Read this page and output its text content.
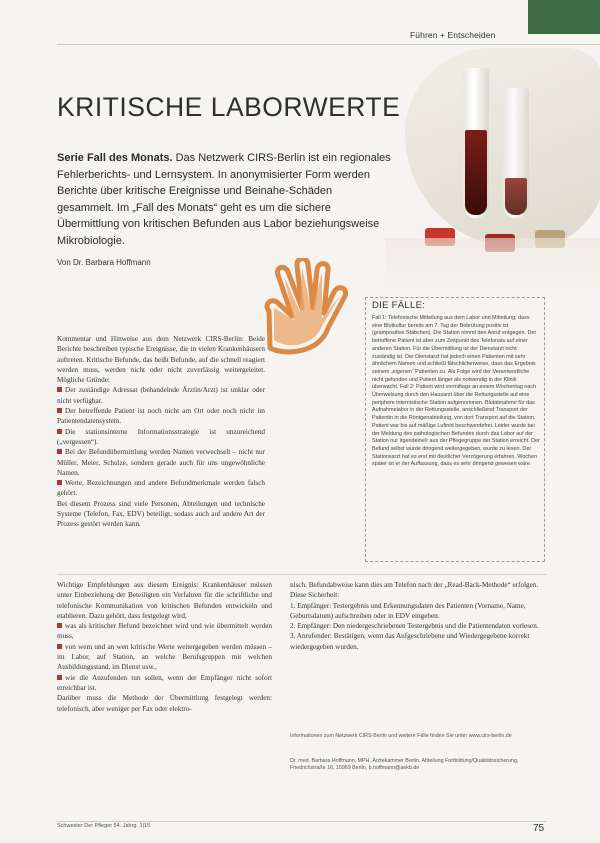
Führen + Entscheiden
KRITISCHE LABORWERTE

Serie Fall des Monats. Das Netzwerk CIRS-Berlin ist ein regionales Fehlerberichts- und Lernsystem. In anonymisierter Form werden Berichte über kritische Ereignisse und Beinahe-Schäden gesammelt. Im „Fall des Monats“ geht es um die sichere Übermittlung von kritischen Befunden aus Labor beziehungsweise Mikrobiologie.

Von Dr. Barbara Hoffmann
DIE FÄLLE:
Fall 1: Telefonische Mitteilung aus dem Labor und Mitteilung, dass eine Blutkultur bereits am 7. Tag der Bebrütung positiv ist (grampositive Stäbchen). Die Station nimmt den Anruf entgegen. Der betroffene Patient ist aber zum Zeitpunkt des Telefonats auf einer anderen Station. Für die Übermittlung ist der Dienstarzt nicht zuständig ist. Der Dienstarzt hat jedoch einen Patienten mit sehr ähnlichem Namen und schließt fälschlicherweise, dass das Ergebnis seinem „eigenen“ Patienten zu. Als Folge wird der Verantwortliche nicht gefunden und Patient länger als notwendig in der Klinik überwacht. Fall 2: Patient wird vormittags an einem Wochentag nach Überweisung durch den Hausarzt über die Rettungsstelle auf eine periphere internistische Station aufgenommen. Blutabnahme für das Aufnahmelabor in der Rettungsstelle, anschließend Transport der Patientin in die Röntgenabteilung, von dort Transport auf die Station. Patient war bis auf mäßige Luftnot beschwerdefrei. Leider wurde bei der Meldung des pathologischen Befundes durch das Labor auf der Station nur irgendeine/r aus der Pflegegruppe der Station erreicht. Der Befund selbst wurde dringend weitergegeben, wurde zu lesen. Der Stationsarzt hat es erst mit deutlicher Verzögerung erfahren, Wochen später ist er der Auffassung, dass es sehr dringend gewesen wäre.

Kommentar und Hinweise aus dem Netzwerk CIRS-Berlin: Beide Berichte beschreiben typische Ereignisse, die in vielen Krankenhäusern auftreten. Kritische Befunde, das heißt Befunde, auf die schnell reagiert werden muss, werden nicht oder nicht zuverlässig weitergeleitet. Mögliche Gründe:

Der zuständige Adressat (behandelnde Ärztin/Arzt) ist unklar oder nicht verfügbar.

Der betreffende Patient ist noch nicht am Ort oder noch nicht im Patientendatensystem.

Die stationsinterne Informationsstrategie ist unzureichend („vergessen“).

Bei der Befundübermittlung werden Namen verwechselt – nicht nur Müller, Meier, Schulze, sondern gerade auch für uns ungewöhnliche Namen.

Werte, Bezeichnungen und andere Befundmerkmale werden falsch gehört.

Bei diesem Prozess sind viele Personen, Abteilungen und technische Systeme (Telefon, Fax, EDV) beteiligt, sodass auch auf andere Art der Prozess gestört werden kann.

Wichtige Empfehlungen aus diesem Ereignis: Krankenhäuser müssen unter Einbeziehung der Beteiligten ein Verfahren für die schriftliche und telefonische Kommunikation von kritischen Befunden entwickeln und etablieren. Dazu gehört, dass festgelegt wird,

was als kritischer Befund bezeichnet wird und wie übermittelt werden muss,

von wem und an wen kritische Werte weitergegeben werden müssen – im Labor, auf Station, an welche Berufsgruppen mit welchen Ausbildungsstand, im Dienst usw.,

wie die Anzufenden tun sollen, wenn der Empfänger nicht sofort erreichbar ist.

Darüber muss die Methode der Übermittlung festgelegt werden: telefonisch, aber weniger per Fax oder elektro-

nisch. Befundabweise kann dies am Telefon nach der „Read-Back-Methode“ erfolgen. Diese Sicherheit:

1. Empfänger: Testergebnis und Erkennungsdaten des Patienten (Vorname, Name, Geburtsdatum) aufschreiben oder in EDV eingeben.

2. Empfänger: Den niedergeschriebenen Testergebnis und die Patientendaten vorlesen.

3. Anrufender: Bestätigen, wenn das Aufgeschriebene und Wiedergegebene korrekt wiedergegeben wurden.

Informationen zum Netzwerk CIRS-Berlin und weitere Fälle finden Sie unter www.cirs-berlin.de
Dr. med. Barbara Hoffmann, MPH, Ärztekammer Berlin, Abteilung Fortbildung/Qualitätssicherung, Friedrichstraße 16, 10969 Berlin, b.hoffmann@aekb.de
Schwester Der Pfleger 54. Jahrg. 1|15	75
